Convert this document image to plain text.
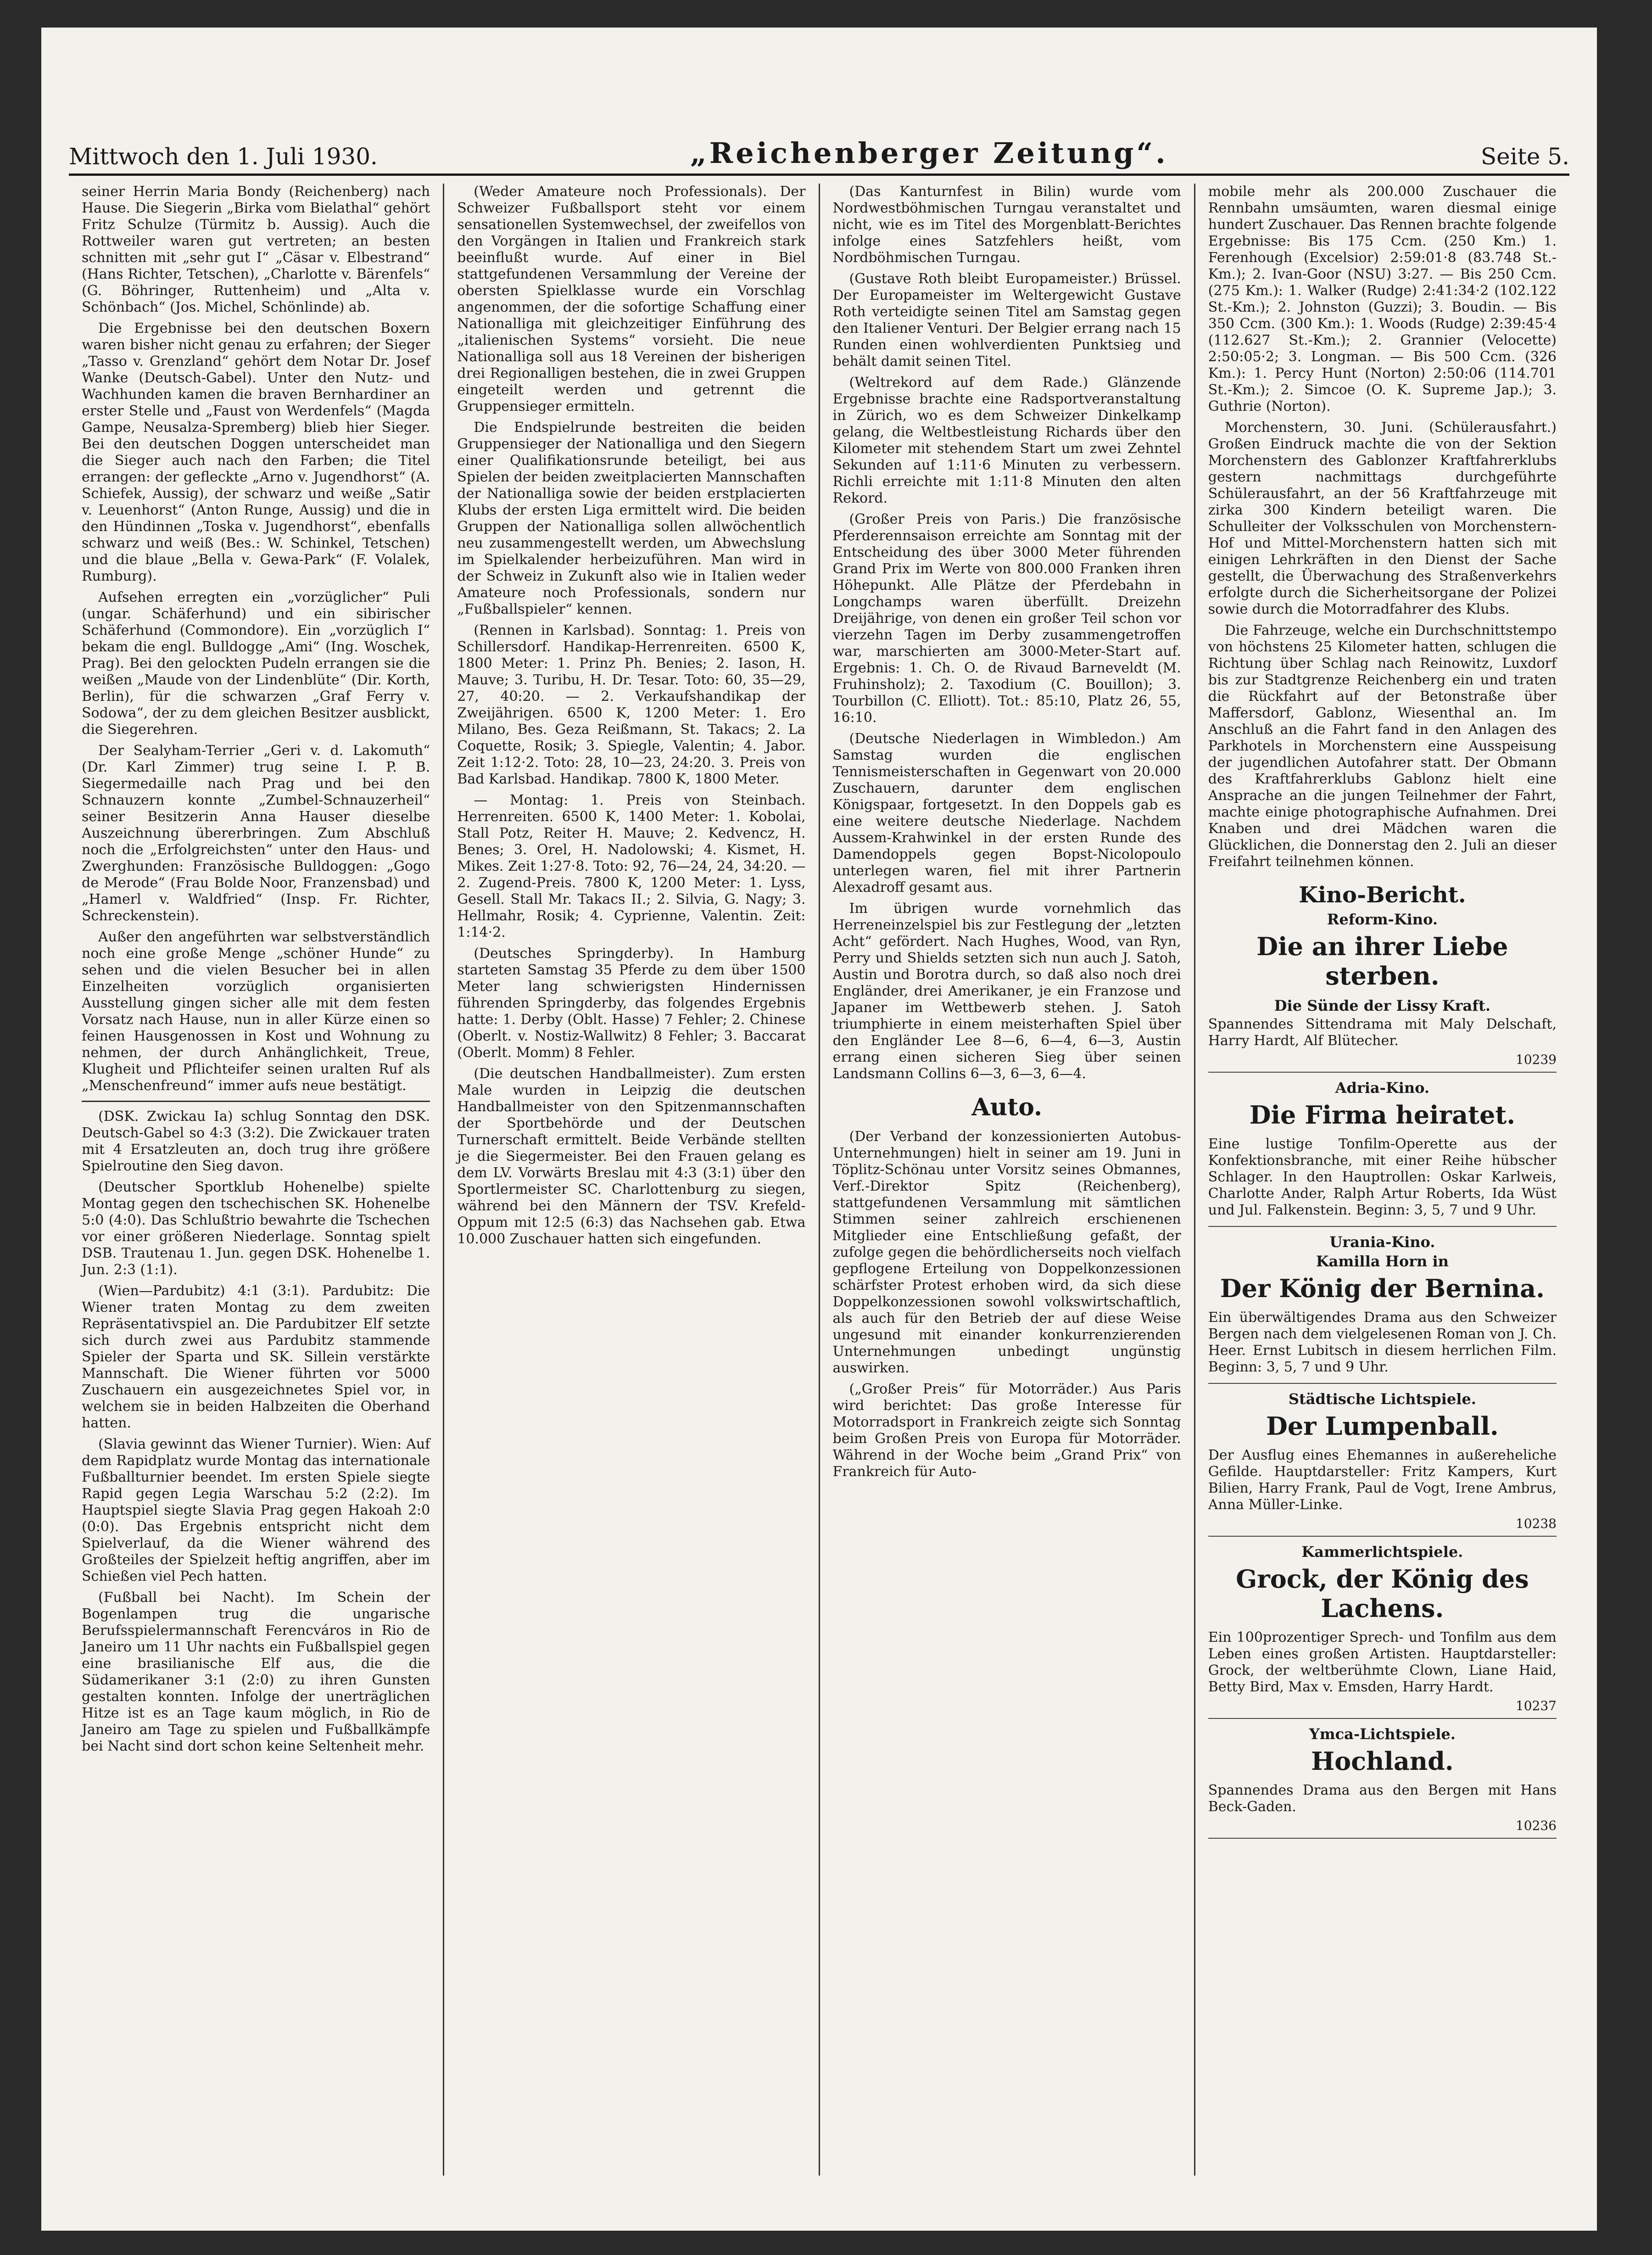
Mittwoch den 1. Juli 1930.	„Reichenberger Zeitung“.	Seite 5.

seiner Herrin Maria Bondy (Reichenberg) nach Hause. Die Siegerin „Birka vom Bielathal“ gehört Fritz Schulze (Türmitz b. Aussig). Auch die Rottweiler waren gut vertreten; an besten schnitten mit „sehr gut I“ „Cäsar v. Elbestrand“ (Hans Richter, Tetschen), „Charlotte v. Bärenfels“ (G. Böhringer, Ruttenheim) und „Alta v. Schönbach“ (Jos. Michel, Schönlinde) ab.

Die Ergebnisse bei den deutschen Boxern waren bisher nicht genau zu erfahren; der Sieger „Tasso v. Grenzland“ gehört dem Notar Dr. Josef Wanke (Deutsch-Gabel). Unter den Nutz- und Wachhunden kamen die braven Bernhardiner an erster Stelle und „Faust von Werdenfels“ (Magda Gampe, Neusalza-Spremberg) blieb hier Sieger. Bei den deutschen Doggen unterscheidet man die Sieger auch nach den Farben; die Titel errangen: der gefleckte „Arno v. Jugendhorst“ (A. Schiefek, Aussig), der schwarz und weiße „Satir v. Leuenhorst“ (Anton Runge, Aussig) und die in den Hündinnen „Toska v. Jugendhorst“, ebenfalls schwarz und weiß (Bes.: W. Schinkel, Tetschen) und die blaue „Bella v. Gewa-Park“ (F. Volalek, Rumburg).

Aufsehen erregten ein „vorzüglicher“ Puli (ungar. Schäferhund) und ein sibirischer Schäferhund (Commondore). Ein „vorzüglich I“ bekam die engl. Bulldogge „Ami“ (Ing. Woschek, Prag). Bei den gelockten Pudeln errangen sie die weißen „Maude von der Lindenblüte“ (Dir. Korth, Berlin), für die schwarzen „Graf Ferry v. Sodowa“, der zu dem gleichen Besitzer ausblickt, die Siegerehren.

Der Sealyham-Terrier „Geri v. d. Lakomuth“ (Dr. Karl Zimmer) trug seine I. P. B. Siegermedaille nach Prag und bei den Schnauzern konnte „Zumbel-Schnauzerheil“ seiner Besitzerin Anna Hauser dieselbe Auszeichnung übererbringen. Zum Abschluß noch die „Erfolgreichsten“ unter den Haus- und Zwerghunden: Französische Bulldoggen: „Gogo de Merode“ (Frau Bolde Noor, Franzensbad) und „Hamerl v. Waldfried“ (Insp. Fr. Richter, Schreckenstein).

Außer den angeführten war selbstverständlich noch eine große Menge „schöner Hunde“ zu sehen und die vielen Besucher bei in allen Einzelheiten vorzüglich organisierten Ausstellung gingen sicher alle mit dem festen Vorsatz nach Hause, nun in aller Kürze einen so feinen Hausgenossen in Kost und Wohnung zu nehmen, der durch Anhänglichkeit, Treue, Klugheit und Pflichteifer seinen uralten Ruf als „Menschenfreund“ immer aufs neue bestätigt.

(DSK. Zwickau Ia) schlug Sonntag den DSK. Deutsch-Gabel so 4:3 (3:2). Die Zwickauer traten mit 4 Ersatzleuten an, doch trug ihre größere Spielroutine den Sieg davon.

(Deutscher Sportklub Hohenelbe) spielte Montag gegen den tschechischen SK. Hohenelbe 5:0 (4:0). Das Schlußtrio bewahrte die Tschechen vor einer größeren Niederlage. Sonntag spielt DSB. Trautenau 1. Jun. gegen DSK. Hohenelbe 1. Jun. 2:3 (1:1).

(Wien—Pardubitz) 4:1 (3:1). Pardubitz: Die Wiener traten Montag zu dem zweiten Repräsentativspiel an. Die Pardubitzer Elf setzte sich durch zwei aus Pardubitz stammende Spieler der Sparta und SK. Sillein verstärkte Mannschaft. Die Wiener führten vor 5000 Zuschauern ein ausgezeichnetes Spiel vor, in welchem sie in beiden Halbzeiten die Oberhand hatten.

(Slavia gewinnt das Wiener Turnier). Wien: Auf dem Rapidplatz wurde Montag das internationale Fußballturnier beendet. Im ersten Spiele siegte Rapid gegen Legia Warschau 5:2 (2:2). Im Hauptspiel siegte Slavia Prag gegen Hakoah 2:0 (0:0). Das Ergebnis entspricht nicht dem Spielverlauf, da die Wiener während des Großteiles der Spielzeit heftig angriffen, aber im Schießen viel Pech hatten.

(Fußball bei Nacht). Im Schein der Bogenlampen trug die ungarische Berufsspielermannschaft Ferencváros in Rio de Janeiro um 11 Uhr nachts ein Fußballspiel gegen eine brasilianische Elf aus, die die Südamerikaner 3:1 (2:0) zu ihren Gunsten gestalten konnten. Infolge der unerträglichen Hitze ist es an Tage kaum möglich, in Rio de Janeiro am Tage zu spielen und Fußballkämpfe bei Nacht sind dort schon keine Seltenheit mehr.

(Weder Amateure noch Professionals). Der Schweizer Fußballsport steht vor einem sensationellen Systemwechsel, der zweifellos von den Vorgängen in Italien und Frankreich stark beeinflußt wurde. Auf einer in Biel stattgefundenen Versammlung der Vereine der obersten Spielklasse wurde ein Vorschlag angenommen, der die sofortige Schaffung einer Nationalliga mit gleichzeitiger Einführung des „italienischen Systems“ vorsieht. Die neue Nationalliga soll aus 18 Vereinen der bisherigen drei Regionalligen bestehen, die in zwei Gruppen eingeteilt werden und getrennt die Gruppensieger ermitteln.

Die Endspielrunde bestreiten die beiden Gruppensieger der Nationalliga und den Siegern einer Qualifikationsrunde beteiligt, bei aus Spielen der beiden zweitplacierten Mannschaften der Nationalliga sowie der beiden erstplacierten Klubs der ersten Liga ermittelt wird. Die beiden Gruppen der Nationalliga sollen allwöchentlich neu zusammengestellt werden, um Abwechslung im Spielkalender herbeizuführen. Man wird in der Schweiz in Zukunft also wie in Italien weder Amateure noch Professionals, sondern nur „Fußballspieler“ kennen.

(Rennen in Karlsbad). Sonntag: 1. Preis von Schillersdorf. Handikap-Herrenreiten. 6500 K, 1800 Meter: 1. Prinz Ph. Benies; 2. Iason, H. Mauve; 3. Turibu, H. Dr. Tesar. Toto: 60, 35—29, 27, 40:20. — 2. Verkaufshandikap der Zweijährigen. 6500 K, 1200 Meter: 1. Ero Milano, Bes. Geza Reißmann, St. Takacs; 2. La Coquette, Rosik; 3. Spiegle, Valentin; 4. Jabor. Zeit 1:12·2. Toto: 28, 10—23, 24:20. 3. Preis von Bad Karlsbad. Handikap. 7800 K, 1800 Meter.

— Montag: 1. Preis von Steinbach. Herrenreiten. 6500 K, 1400 Meter: 1. Kobolai, Stall Potz, Reiter H. Mauve; 2. Kedvencz, H. Benes; 3. Orel, H. Nadolowski; 4. Kismet, H. Mikes. Zeit 1:27·8. Toto: 92, 76—24, 24, 34:20. — 2. Zugend-Preis. 7800 K, 1200 Meter: 1. Lyss, Gesell. Stall Mr. Takacs II.; 2. Silvia, G. Nagy; 3. Hellmahr, Rosik; 4. Cyprienne, Valentin. Zeit: 1:14·2.

(Deutsches Springderby). In Hamburg starteten Samstag 35 Pferde zu dem über 1500 Meter lang schwierigsten Hindernissen führenden Springderby, das folgendes Ergebnis hatte: 1. Derby (Oblt. Hasse) 7 Fehler; 2. Chinese (Oberlt. v. Nostiz-Wallwitz) 8 Fehler; 3. Baccarat (Oberlt. Momm) 8 Fehler.

(Die deutschen Handballmeister). Zum ersten Male wurden in Leipzig die deutschen Handballmeister von den Spitzenmannschaften der Sportbehörde und der Deutschen Turnerschaft ermittelt. Beide Verbände stellten je die Siegermeister. Bei den Frauen gelang es dem LV. Vorwärts Breslau mit 4:3 (3:1) über den Sportlermeister SC. Charlottenburg zu siegen, während bei den Männern der TSV. Krefeld-Oppum mit 12:5 (6:3) das Nachsehen gab. Etwa 10.000 Zuschauer hatten sich eingefunden.

(Das Kanturnfest in Bilin) wurde vom Nordwestböhmischen Turngau veranstaltet und nicht, wie es im Titel des Morgenblatt-Berichtes infolge eines Satzfehlers heißt, vom Nordböhmischen Turngau.

(Gustave Roth bleibt Europameister.) Brüssel. Der Europameister im Weltergewicht Gustave Roth verteidigte seinen Titel am Samstag gegen den Italiener Venturi. Der Belgier errang nach 15 Runden einen wohlverdienten Punktsieg und behält damit seinen Titel.

(Weltrekord auf dem Rade.) Glänzende Ergebnisse brachte eine Radsportveranstaltung in Zürich, wo es dem Schweizer Dinkelkamp gelang, die Weltbestleistung Richards über den Kilometer mit stehendem Start um zwei Zehntel Sekunden auf 1:11·6 Minuten zu verbessern. Richli erreichte mit 1:11·8 Minuten den alten Rekord.

(Großer Preis von Paris.) Die französische Pferderennsaison erreichte am Sonntag mit der Entscheidung des über 3000 Meter führenden Grand Prix im Werte von 800.000 Franken ihren Höhepunkt. Alle Plätze der Pferdebahn in Longchamps waren überfüllt. Dreizehn Dreijährige, von denen ein großer Teil schon vor vierzehn Tagen im Derby zusammengetroffen war, marschierten am 3000-Meter-Start auf. Ergebnis: 1. Ch. O. de Rivaud Barneveldt (M. Fruhinsholz); 2. Taxodium (C. Bouillon); 3. Tourbillon (C. Elliott). Tot.: 85:10, Platz 26, 55, 16:10.

(Deutsche Niederlagen in Wimbledon.) Am Samstag wurden die englischen Tennismeisterschaften in Gegenwart von 20.000 Zuschauern, darunter dem englischen Königspaar, fortgesetzt. In den Doppels gab es eine weitere deutsche Niederlage. Nachdem Aussem-Krahwinkel in der ersten Runde des Damendoppels gegen Bopst-Nicolopoulo unterlegen waren, fiel mit ihrer Partnerin Alexadroff gesamt aus.

Im übrigen wurde vornehmlich das Herreneinzelspiel bis zur Festlegung der „letzten Acht“ gefördert. Nach Hughes, Wood, van Ryn, Perry und Shields setzten sich nun auch J. Satoh, Austin und Borotra durch, so daß also noch drei Engländer, drei Amerikaner, je ein Franzose und Japaner im Wettbewerb stehen. J. Satoh triumphierte in einem meisterhaften Spiel über den Engländer Lee 8—6, 6—4, 6—3, Austin errang einen sicheren Sieg über seinen Landsmann Collins 6—3, 6—3, 6—4.

Auto.

(Der Verband der konzessionierten Autobus-Unternehmungen) hielt in seiner am 19. Juni in Töplitz-Schönau unter Vorsitz seines Obmannes, Verf.-Direktor Spitz (Reichenberg), stattgefundenen Versammlung mit sämtlichen Stimmen seiner zahlreich erschienenen Mitglieder eine Entschließung gefaßt, der zufolge gegen die behördlicherseits noch vielfach gepflogene Erteilung von Doppelkonzessionen schärfster Protest erhoben wird, da sich diese Doppelkonzessionen sowohl volkswirtschaftlich, als auch für den Betrieb der auf diese Weise ungesund mit einander konkurrenzierenden Unternehmungen unbedingt ungünstig auswirken.

(„Großer Preis“ für Motorräder.) Aus Paris wird berichtet: Das große Interesse für Motorradsport in Frankreich zeigte sich Sonntag beim Großen Preis von Europa für Motorräder. Während in der Woche beim „Grand Prix“ von Frankreich für Auto-

mobile mehr als 200.000 Zuschauer die Rennbahn umsäumten, waren diesmal einige hundert Zuschauer. Das Rennen brachte folgende Ergebnisse: Bis 175 Ccm. (250 Km.) 1. Ferenhough (Excelsior) 2:59:01·8 (83.748 St.-Km.); 2. Ivan-Goor (NSU) 3:27. — Bis 250 Ccm. (275 Km.): 1. Walker (Rudge) 2:41:34·2 (102.122 St.-Km.); 2. Johnston (Guzzi); 3. Boudin. — Bis 350 Ccm. (300 Km.): 1. Woods (Rudge) 2:39:45·4 (112.627 St.-Km.); 2. Grannier (Velocette) 2:50:05·2; 3. Longman. — Bis 500 Ccm. (326 Km.): 1. Percy Hunt (Norton) 2:50:06 (114.701 St.-Km.); 2. Simcoe (O. K. Supreme Jap.); 3. Guthrie (Norton).

Morchenstern, 30. Juni. (Schülerausfahrt.) Großen Eindruck machte die von der Sektion Morchenstern des Gablonzer Kraftfahrerklubs gestern nachmittags durchgeführte Schülerausfahrt, an der 56 Kraftfahrzeuge mit zirka 300 Kindern beteiligt waren. Die Schulleiter der Volksschulen von Morchenstern-Hof und Mittel-Morchenstern hatten sich mit einigen Lehrkräften in den Dienst der Sache gestellt, die Überwachung des Straßenverkehrs erfolgte durch die Sicherheitsorgane der Polizei sowie durch die Motorradfahrer des Klubs.

Die Fahrzeuge, welche ein Durchschnittstempo von höchstens 25 Kilometer hatten, schlugen die Richtung über Schlag nach Reinowitz, Luxdorf bis zur Stadtgrenze Reichenberg ein und traten die Rückfahrt auf der Betonstraße über Maffersdorf, Gablonz, Wiesenthal an. Im Anschluß an die Fahrt fand in den Anlagen des Parkhotels in Morchenstern eine Ausspeisung der jugendlichen Autofahrer statt. Der Obmann des Kraftfahrerklubs Gablonz hielt eine Ansprache an die jungen Teilnehmer der Fahrt, machte einige photographische Aufnahmen. Drei Knaben und drei Mädchen waren die Glücklichen, die Donnerstag den 2. Juli an dieser Freifahrt teilnehmen können.

Kino-Bericht.
Reform-Kino.
Die an ihrer Liebe sterben.
Die Sünde der Lissy Kraft.

Spannendes Sittendrama mit Maly Delschaft, Harry Hardt, Alf Blütecher.

10239
Adria-Kino.
Die Firma heiratet.

Eine lustige Tonfilm-Operette aus der Konfektionsbranche, mit einer Reihe hübscher Schlager. In den Hauptrollen: Oskar Karlweis, Charlotte Ander, Ralph Artur Roberts, Ida Wüst und Jul. Falkenstein. Beginn: 3, 5, 7 und 9 Uhr.

Urania-Kino.
Kamilla Horn in
Der König der Bernina.

Ein überwältigendes Drama aus den Schweizer Bergen nach dem vielgelesenen Roman von J. Ch. Heer. Ernst Lubitsch in diesem herrlichen Film. Beginn: 3, 5, 7 und 9 Uhr.

Städtische Lichtspiele.
Der Lumpenball.

Der Ausflug eines Ehemannes in außereheliche Gefilde. Hauptdarsteller: Fritz Kampers, Kurt Bilien, Harry Frank, Paul de Vogt, Irene Ambrus, Anna Müller-Linke.

10238
Kammerlichtspiele.
Grock, der König des Lachens.

Ein 100prozentiger Sprech- und Tonfilm aus dem Leben eines großen Artisten. Hauptdarsteller: Grock, der weltberühmte Clown, Liane Haid, Betty Bird, Max v. Emsden, Harry Hardt.

10237
Ymca-Lichtspiele.
Hochland.

Spannendes Drama aus den Bergen mit Hans Beck-Gaden.

10236
